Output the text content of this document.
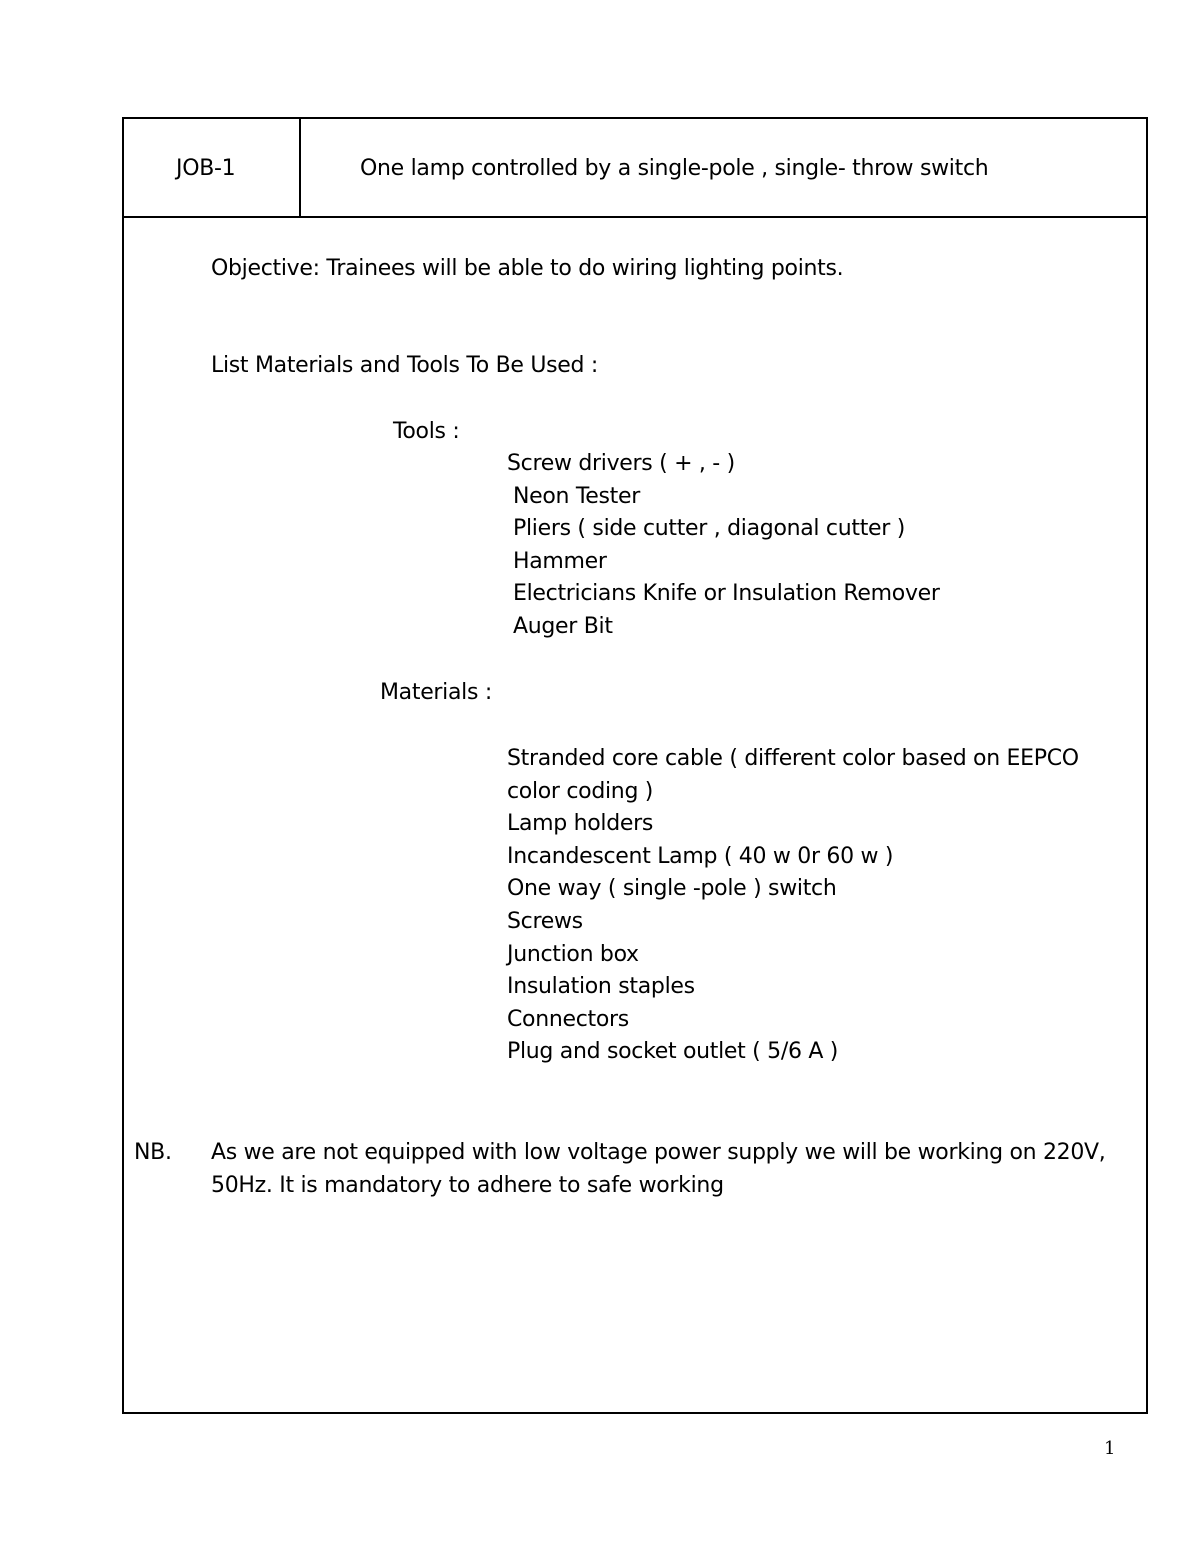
JOB-1	One lamp controlled by a single-pole , single- throw switch
Objective: Trainees will be able to do wiring lighting points.
List Materials and Tools To Be Used :
Tools :
Screw drivers ( + , - )
Neon Tester
Pliers ( side cutter , diagonal cutter )
Hammer
Electricians Knife or Insulation Remover
Auger Bit
Materials :
Stranded core cable ( different color based on EEPCO
color coding )
Lamp holders
Incandescent Lamp ( 40 w 0r 60 w )
One way ( single -pole ) switch
Screws
Junction box
Insulation staples
Connectors
Plug and socket outlet ( 5/6 A )
NB. As we are not equipped with low voltage power supply we will be working on 220V,
50Hz. It is mandatory to adhere to safe working
1
